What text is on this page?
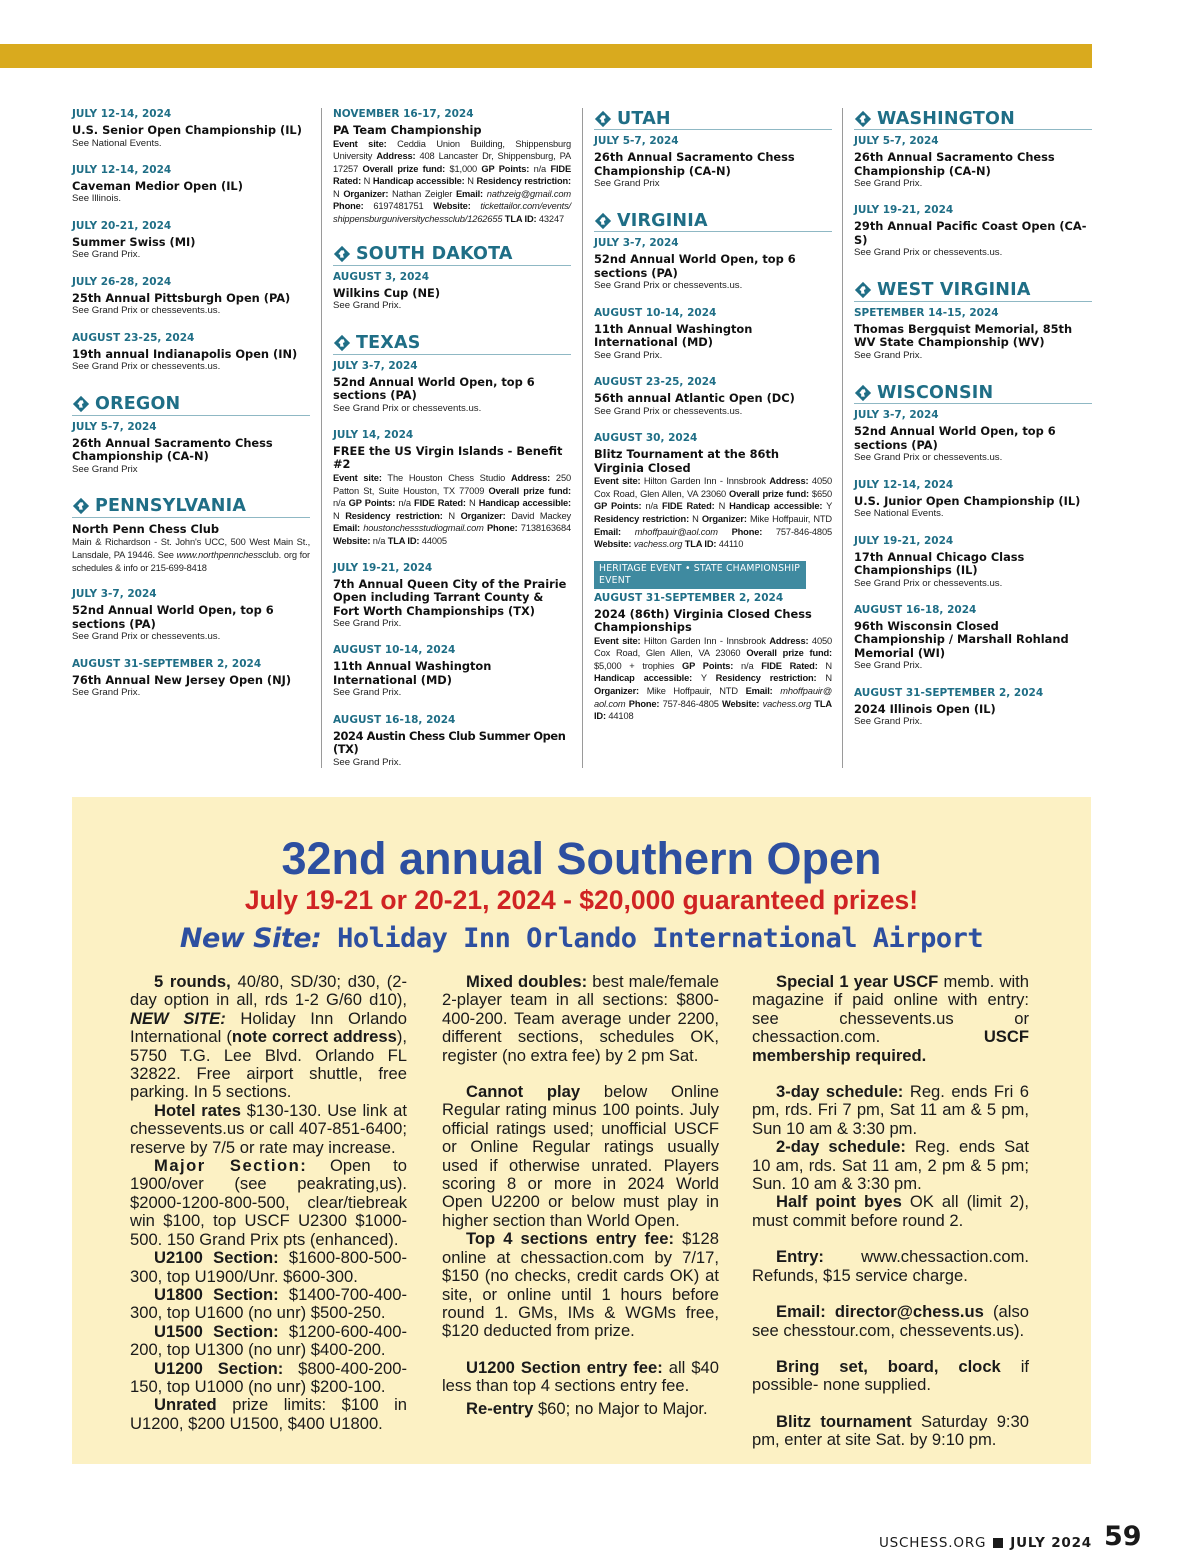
JULY 12-14, 2024
U.S. Senior Open Championship (IL)
See National Events.
JULY 12-14, 2024
Caveman Medior Open (IL)
See Illinois.
JULY 20-21, 2024
Summer Swiss (MI)
See Grand Prix.
JULY 26-28, 2024
25th Annual Pittsburgh Open (PA)
See Grand Prix or chessevents.us.
AUGUST 23-25, 2024
19th annual Indianapolis Open (IN)
See Grand Prix or chessevents.us.
OREGON
JULY 5-7, 2024
26th Annual Sacramento Chess Championship (CA-N)
See Grand Prix
PENNSYLVANIA
North Penn Chess Club
Main & Richardson - St. John's UCC, 500 West Main St., Lansdale, PA 19446. See www.northpennchessclub. org for schedules & info or 215-699-8418
JULY 3-7, 2024
52nd Annual World Open, top 6 sections (PA)
See Grand Prix or chessevents.us.
AUGUST 31-SEPTEMBER 2, 2024
76th Annual New Jersey Open (NJ)
See Grand Prix.
NOVEMBER 16-17, 2024
PA Team Championship
Event site: Ceddia Union Building, Shippensburg University Address: 408 Lancaster Dr, Shippensburg, PA 17257 Overall prize fund: $1,000 GP Points: n/a FIDE Rated: N Handicap accessible: N Residency restriction: N Organizer: Nathan Zeigler Email: nathzeig@gmail.com Phone: 6197481751 Website: tickettailor.com/events/ shippensburguniversitychessclub/1262655 TLA ID: 43247
SOUTH DAKOTA
AUGUST 3, 2024
Wilkins Cup (NE)
See Grand Prix.
TEXAS
JULY 3-7, 2024
52nd Annual World Open, top 6 sections (PA)
See Grand Prix or chessevents.us.
JULY 14, 2024
FREE the US Virgin Islands - Benefit #2
Event site: The Houston Chess Studio Address: 250 Patton St, Suite Houston, TX 77009 Overall prize fund: n/a GP Points: n/a FIDE Rated: N Handicap accessible: N Residency restriction: N Organizer: David Mackey Email: houstonchessstudiogmail.com Phone: 7138163684 Website: n/a TLA ID: 44005
JULY 19-21, 2024
7th Annual Queen City of the Prairie Open including Tarrant County & Fort Worth Championships (TX)
See Grand Prix.
AUGUST 10-14, 2024
11th Annual Washington International (MD)
See Grand Prix.
AUGUST 16-18, 2024
2024 Austin Chess Club Summer Open (TX)
See Grand Prix.
UTAH
JULY 5-7, 2024
26th Annual Sacramento Chess Championship (CA-N)
See Grand Prix
VIRGINIA
JULY 3-7, 2024
52nd Annual World Open, top 6 sections (PA)
See Grand Prix or chessevents.us.
AUGUST 10-14, 2024
11th Annual Washington International (MD)
See Grand Prix.
AUGUST 23-25, 2024
56th annual Atlantic Open (DC)
See Grand Prix or chessevents.us.
AUGUST 30, 2024
Blitz Tournament at the 86th Virginia Closed
Event site: Hilton Garden Inn - Innsbrook Address: 4050 Cox Road, Glen Allen, VA 23060 Overall prize fund: $650 GP Points: n/a FIDE Rated: N Handicap accessible: Y Residency restriction: N Organizer: Mike Hoffpauir, NTD Email: mhoffpauir@aol.com Phone: 757-846-4805 Website: vachess.org TLA ID: 44110
HERITAGE EVENT • STATE CHAMPIONSHIP EVENT
AUGUST 31-SEPTEMBER 2, 2024
2024 (86th) Virginia Closed Chess Championships
Event site: Hilton Garden Inn - Innsbrook Address: 4050 Cox Road, Glen Allen, VA 23060 Overall prize fund: $5,000 + trophies GP Points: n/a FIDE Rated: N Handicap accessible: Y Residency restriction: N Organizer: Mike Hoffpauir, NTD Email: mhoffpauir@ aol.com Phone: 757-846-4805 Website: vachess.org TLA ID: 44108
WASHINGTON
JULY 5-7, 2024
26th Annual Sacramento Chess Championship (CA-N)
See Grand Prix.
JULY 19-21, 2024
29th Annual Pacific Coast Open (CA-S)
See Grand Prix or chessevents.us.
WEST VIRGINIA
SPETEMBER 14-15, 2024
Thomas Bergquist Memorial, 85th WV State Championship (WV)
See Grand Prix.
WISCONSIN
JULY 3-7, 2024
52nd Annual World Open, top 6 sections (PA)
See Grand Prix or chessevents.us.
JULY 12-14, 2024
U.S. Junior Open Championship (IL)
See National Events.
JULY 19-21, 2024
17th Annual Chicago Class Championships (IL)
See Grand Prix or chessevents.us.
AUGUST 16-18, 2024
96th Wisconsin Closed Championship / Marshall Rohland Memorial (WI)
See Grand Prix.
AUGUST 31-SEPTEMBER 2, 2024
2024 Illinois Open (IL)
See Grand Prix.
32nd annual Southern Open
July 19-21 or 20-21, 2024 - $20,000 guaranteed prizes!
New Site: Holiday Inn Orlando International Airport

5 rounds, 40/80, SD/30; d30, (2-day option in all, rds 1-2 G/60 d10), NEW SITE: Holiday Inn Orlando International (note correct address), 5750 T.G. Lee Blvd. Orlando FL 32822. Free airport shuttle, free parking. In 5 sections.

Hotel rates $130-130. Use link at chessevents.us or call 407-851-6400; reserve by 7/5 or rate may increase.

Major Section: Open to 1900/over (see peakrating,us). $2000-1200-800-500, clear/tiebreak win $100, top USCF U2300 $1000-500. 150 Grand Prix pts (enhanced).

U2100 Section: $1600-800-500-300, top U1900/Unr. $600-300.

U1800 Section: $1400-700-400-300, top U1600 (no unr) $500-250.

U1500 Section: $1200-600-400-200, top U1300 (no unr) $400-200.

U1200 Section: $800-400-200-150, top U1000 (no unr) $200-100.

Unrated prize limits: $100 in U1200, $200 U1500, $400 U1800.

Mixed doubles: best male/female 2-player team in all sections: $800-400-200. Team average under 2200, different sections, schedules OK, register (no extra fee) by 2 pm Sat.

Cannot play below Online Regular rating minus 100 points. July official ratings used; unofficial USCF or Online Regular ratings usually used if otherwise unrated. Players scoring 8 or more in 2024 World Open U2200 or below must play in higher section than World Open.

Top 4 sections entry fee: $128 online at chessaction.com by 7/17, $150 (no checks, credit cards OK) at site, or online until 1 hours before round 1. GMs, IMs & WGMs free, $120 deducted from prize.

U1200 Section entry fee: all $40 less than top 4 sections entry fee.

Re-entry $60; no Major to Major.

Special 1 year USCF memb. with magazine if paid online with entry: see chessevents.us or chessaction.com. USCF membership required.

3-day schedule: Reg. ends Fri 6 pm, rds. Fri 7 pm, Sat 11 am & 5 pm, Sun 10 am & 3:30 pm.

2-day schedule: Reg. ends Sat 10 am, rds. Sat 11 am, 2 pm & 5 pm; Sun. 10 am & 3:30 pm.

Half point byes OK all (limit 2), must commit before round 2.

Entry: www.chessaction.com. Refunds, $15 service charge.

Email: director@chess.us (also see chesstour.com, chessevents.us).

Bring set, board, clock if possible- none supplied.

Blitz tournament Saturday 9:30 pm, enter at site Sat. by 9:10 pm.

USCHESS.ORG JULY 2024 59
